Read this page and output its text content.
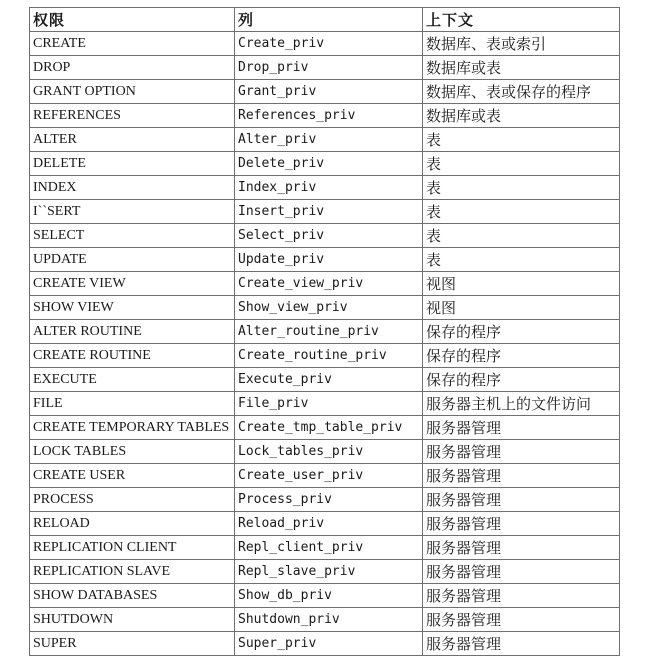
权限	列	上下文
CREATE	Create_priv	数据库、表或索引
DROP	Drop_priv	数据库或表
GRANT OPTION	Grant_priv	数据库、表或保存的程序
REFERENCES	References_priv	数据库或表
ALTER	Alter_priv	表
DELETE	Delete_priv	表
INDEX	Index_priv	表
I``SERT	Insert_priv	表
SELECT	Select_priv	表
UPDATE	Update_priv	表
CREATE VIEW	Create_view_priv	视图
SHOW VIEW	Show_view_priv	视图
ALTER ROUTINE	Alter_routine_priv	保存的程序
CREATE ROUTINE	Create_routine_priv	保存的程序
EXECUTE	Execute_priv	保存的程序
FILE	File_priv	服务器主机上的文件访问
CREATE TEMPORARY TABLES	Create_tmp_table_priv	服务器管理
LOCK TABLES	Lock_tables_priv	服务器管理
CREATE USER	Create_user_priv	服务器管理
PROCESS	Process_priv	服务器管理
RELOAD	Reload_priv	服务器管理
REPLICATION CLIENT	Repl_client_priv	服务器管理
REPLICATION SLAVE	Repl_slave_priv	服务器管理
SHOW DATABASES	Show_db_priv	服务器管理
SHUTDOWN	Shutdown_priv	服务器管理
SUPER	Super_priv	服务器管理
